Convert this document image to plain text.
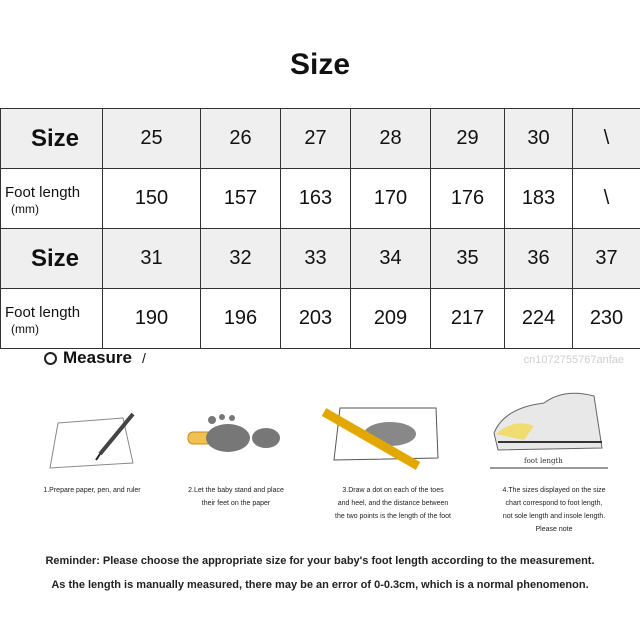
Size
Size	25	26	27	28	29	30	\
Foot length
(mm)	150	157	163	170	176	183	\
Size	31	32	33	34	35	36	37
Foot length
(mm)	190	196	203	209	217	224	230
Measure /	cn1072755767anfae
1.Prepare paper, pen, and ruler	2.Let the baby stand and place
their feet on the paper
3.Draw a dot on each of the toes
and heel, and the distance between
the two points is the length of the foot
foot length
4.The sizes displayed on the size
chart correspond to foot length,
not sole length and insole length.
Please note
Reminder: Please choose the appropriate size for your baby's foot length according to the measurement.
As the length is manually measured, there may be an error of 0-0.3cm, which is a normal phenomenon.
